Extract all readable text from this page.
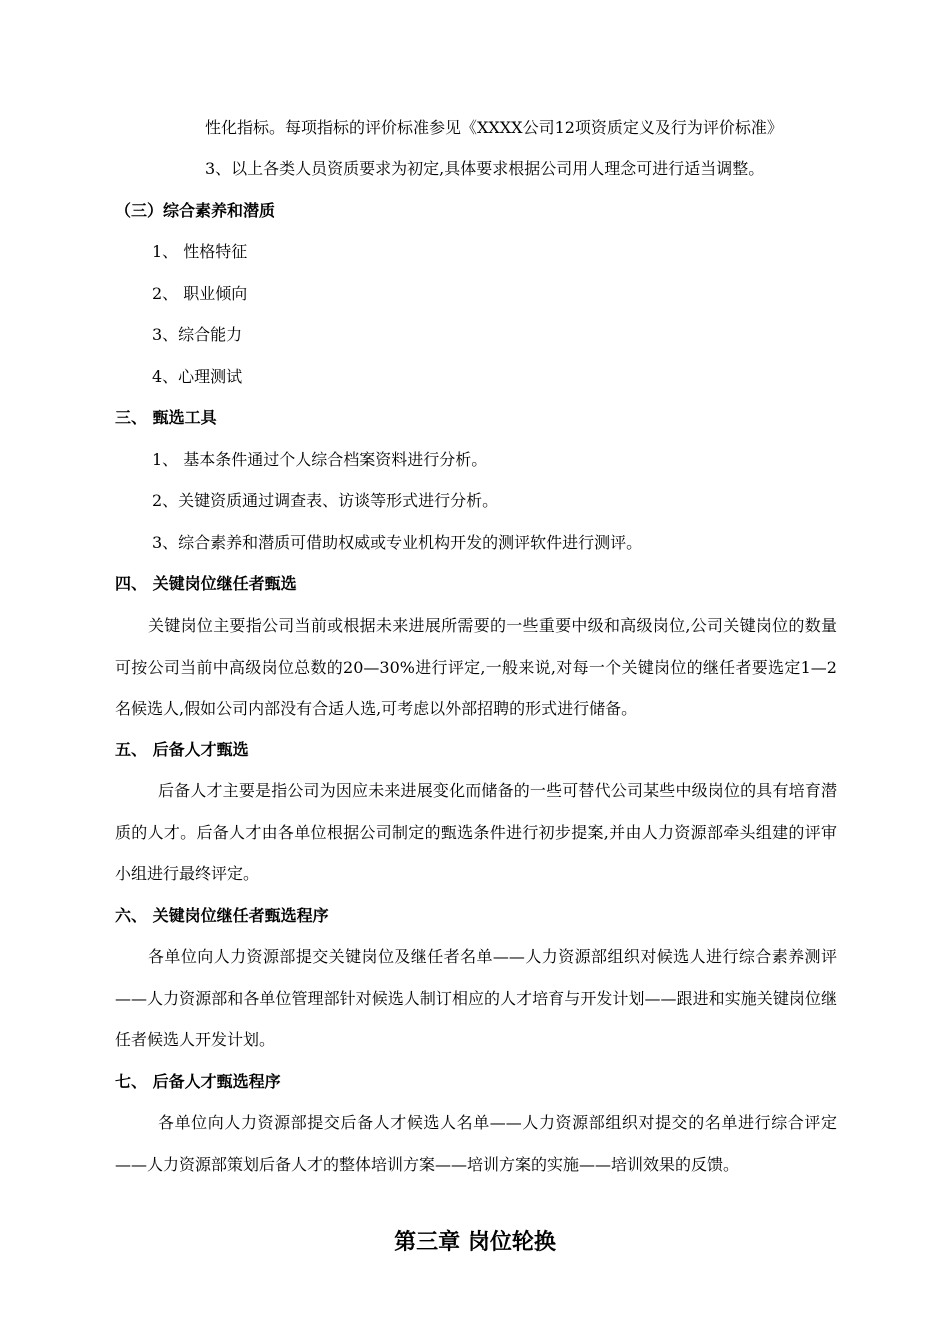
性化指标。每项指标的评价标准参见《XXXX公司12项资质定义及行为评价标准》
3、以上各类人员资质要求为初定,具体要求根据公司用人理念可进行适当调整。
（三）综合素养和潜质
1、 性格特征
2、 职业倾向
3、综合能力
4、心理测试
三、 甄选工具
1、 基本条件通过个人综合档案资料进行分析。
2、关键资质通过调查表、访谈等形式进行分析。
3、综合素养和潜质可借助权威或专业机构开发的测评软件进行测评。
四、 关键岗位继任者甄选
关键岗位主要指公司当前或根据未来进展所需要的一些重要中级和高级岗位,公司关键岗位的数量可按公司当前中高级岗位总数的20—30%进行评定,一般来说,对每一个关键岗位的继任者要选定1—2名候选人,假如公司内部没有合适人选,可考虑以外部招聘的形式进行储备。
五、 后备人才甄选
后备人才主要是指公司为因应未来进展变化而储备的一些可替代公司某些中级岗位的具有培育潜质的人才。后备人才由各单位根据公司制定的甄选条件进行初步提案,并由人力资源部牵头组建的评审小组进行最终评定。
六、 关键岗位继任者甄选程序
各单位向人力资源部提交关键岗位及继任者名单——人力资源部组织对候选人进行综合素养测评——人力资源部和各单位管理部针对候选人制订相应的人才培育与开发计划——跟进和实施关键岗位继任者候选人开发计划。
七、 后备人才甄选程序
各单位向人力资源部提交后备人才候选人名单——人力资源部组织对提交的名单进行综合评定——人力资源部策划后备人才的整体培训方案——培训方案的实施——培训效果的反馈。
第三章 岗位轮换
